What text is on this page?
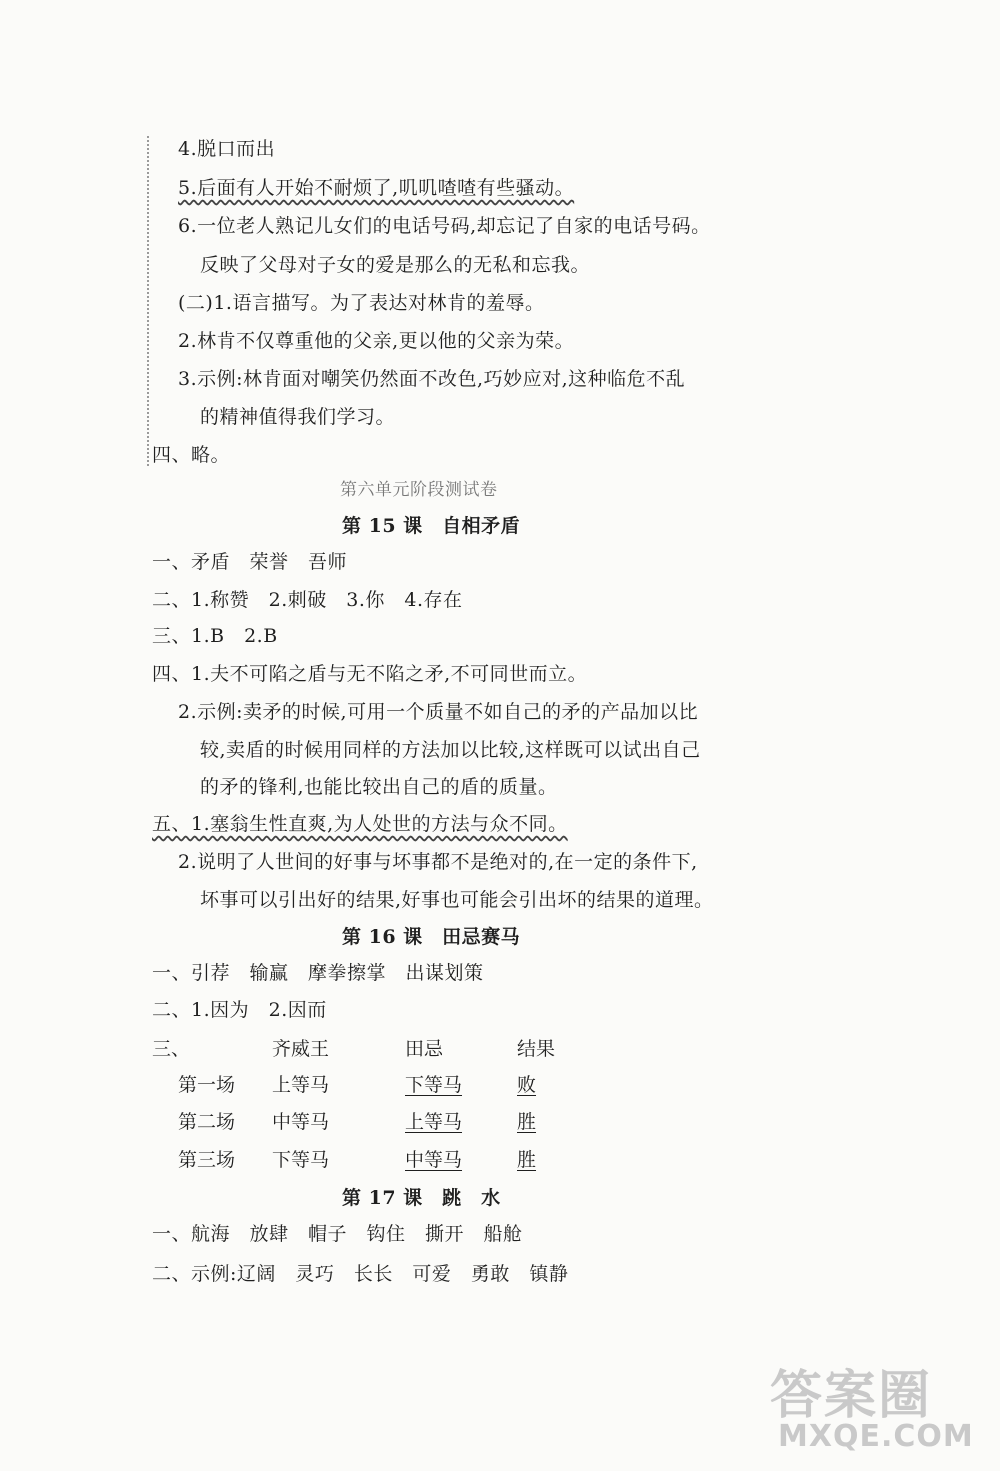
4.脱口而出
5.后面有人开始不耐烦了,叽叽喳喳有些骚动。
6.一位老人熟记儿女们的电话号码,却忘记了自家的电话号码。
反映了父母对子女的爱是那么的无私和忘我。
(二)1.语言描写。为了表达对林肯的羞辱。
2.林肯不仅尊重他的父亲,更以他的父亲为荣。
3.示例:林肯面对嘲笑仍然面不改色,巧妙应对,这种临危不乱
的精神值得我们学习。
四、略。
第六单元阶段测试卷
第 15 课　自相矛盾
一、矛盾　荣誉　吾师
二、1.称赞　2.刺破　3.你　4.存在
三、1.B　2.B
四、1.夫不可陷之盾与无不陷之矛,不可同世而立。
2.示例:卖矛的时候,可用一个质量不如自己的矛的产品加以比
较,卖盾的时候用同样的方法加以比较,这样既可以试出自己
的矛的锋利,也能比较出自己的盾的质量。
五、1.塞翁生性直爽,为人处世的方法与众不同。
2.说明了人世间的好事与坏事都不是绝对的,在一定的条件下,
坏事可以引出好的结果,好事也可能会引出坏的结果的道理。
第 16 课　田忌赛马
一、引荐　输赢　摩拳擦掌　出谋划策
二、1.因为　2.因而
三、	齐威王	田忌	结果
第一场 上等马	下等马	败
第二场 中等马	上等马	胜
第三场 下等马	中等马	胜
第 17 课　跳　水
一、航海　放肆　帽子　钩住　撕开　船舱
二、示例:辽阔　灵巧　长长　可爱　勇敢　镇静
答案圈
MXQE.COM
